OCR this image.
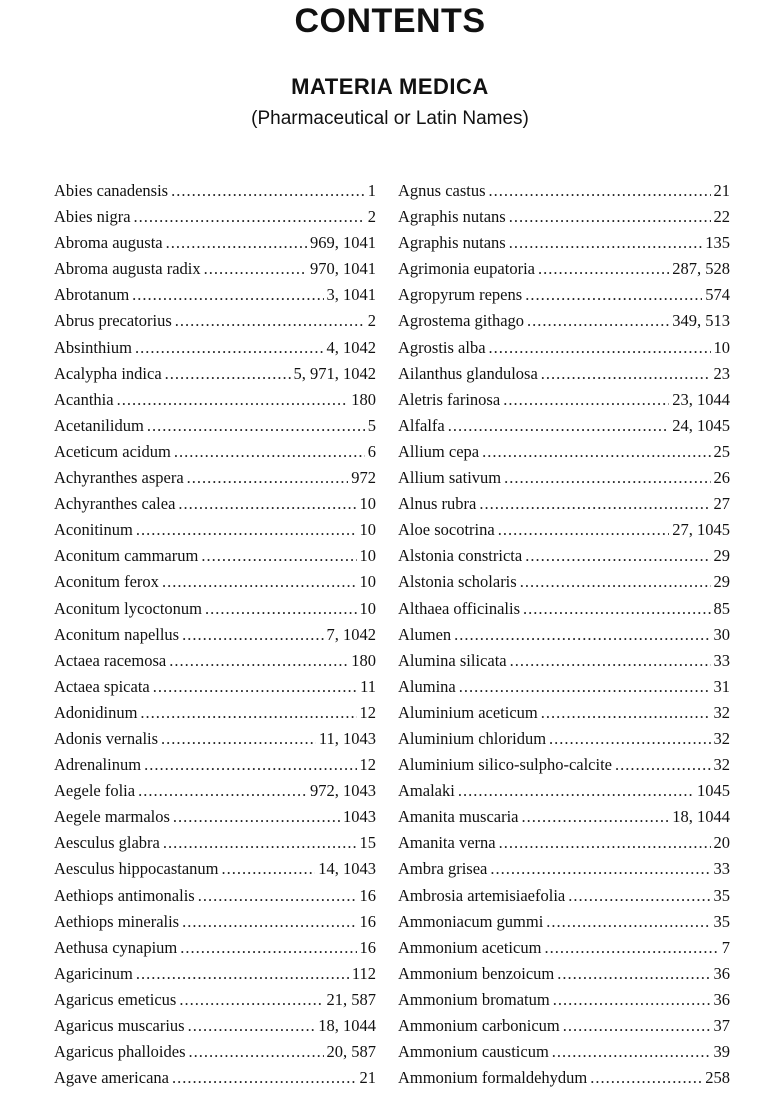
CONTENTS
MATERIA MEDICA
(Pharmaceutical or Latin Names)
Abies canadensis .....	1
Abies nigra .....	2
Abroma augusta .....	969, 1041
Abroma augusta radix .....	970, 1041
Abrotanum .....	3, 1041
Abrus precatorius .....	2
Absinthium .....	4, 1042
Acalypha indica .....	5, 971, 1042
Acanthia .....	180
Acetanilidum .....	5
Aceticum acidum .....	6
Achyranthes aspera .....	972
Achyranthes calea .....	10
Aconitinum .....	10
Aconitum cammarum .....	10
Aconitum ferox .....	10
Aconitum lycoctonum .....	10
Aconitum napellus .....	7, 1042
Actaea racemosa .....	180
Actaea spicata .....	11
Adonidinum .....	12
Adonis vernalis .....	11, 1043
Adrenalinum .....	12
Aegele folia .....	972, 1043
Aegele marmalos .....	1043
Aesculus glabra .....	15
Aesculus hippocastanum .....	14, 1043
Aethiops antimonalis .....	16
Aethiops mineralis .....	16
Aethusa cynapium .....	16
Agaricinum .....	112
Agaricus emeticus .....	21, 587
Agaricus muscarius .....	18, 1044
Agaricus phalloides .....	20, 587
Agave americana .....	21
Agnus castus .....	21
Agraphis nutans .....	22
Agraphis nutans .....	135
Agrimonia eupatoria .....	287, 528
Agropyrum repens .....	574
Agrostema githago .....	349, 513
Agrostis alba .....	10
Ailanthus glandulosa .....	23
Aletris farinosa .....	23, 1044
Alfalfa .....	24, 1045
Allium cepa .....	25
Allium sativum .....	26
Alnus rubra .....	27
Aloe socotrina .....	27, 1045
Alstonia constricta .....	29
Alstonia scholaris .....	29
Althaea officinalis .....	85
Alumen .....	30
Alumina silicata .....	33
Alumina .....	31
Aluminium aceticum .....	32
Aluminium chloridum .....	32
Aluminium silico-sulpho-calcite .....	32
Amalaki .....	1045
Amanita muscaria .....	18, 1044
Amanita verna .....	20
Ambra grisea .....	33
Ambrosia artemisiaefolia .....	35
Ammoniacum gummi .....	35
Ammonium aceticum .....	7
Ammonium benzoicum .....	36
Ammonium bromatum .....	36
Ammonium carbonicum .....	37
Ammonium causticum .....	39
Ammonium formaldehydum .....	258
